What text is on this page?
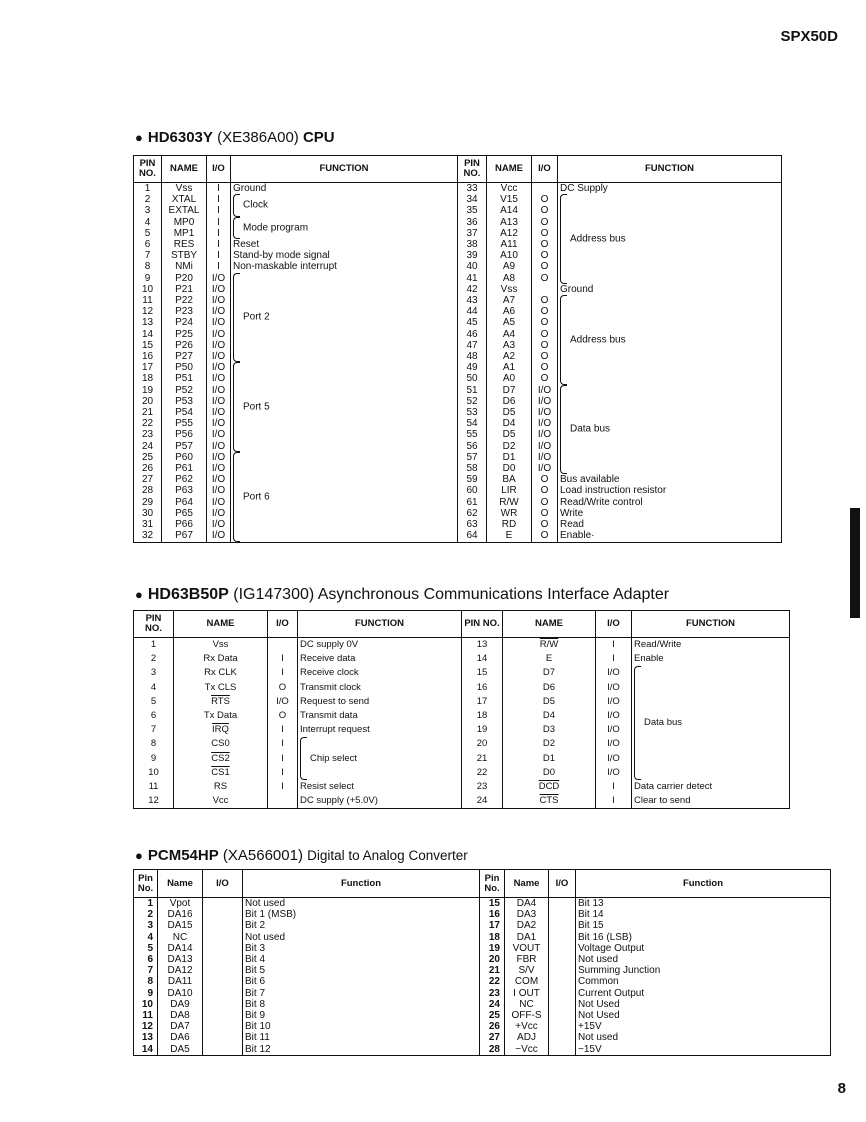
SPX50D
● HD6303Y (XE386A00) CPU
PIN NO.	NAME	I/O	FUNCTION	PIN NO.	NAME	I/O	FUNCTION
1	Vss	I	Ground	33	Vcc		DC Supply
2	XTAL	I	Clock	34	V15	O	Address bus

3	EXTAL	I		35	A14	O	
4	MP0	I	Mode program	36	A13	O	
5	MP1	I		37	A12	O	
6	$\overline{RES}$	I	Reset	38	A11	O	
7	STBY	I	Stand-by mode signal	39	A10	O	
8	NMi	I	Non-maskable interrupt	40	A9	O	
9	P20	I/O	Port 2	41	A8	O	
10	P21	I/O		42	Vss		Ground
11	P22	I/O		43	A7	O	Address bus

12	P23	I/O		44	A6	O	
13	P24	I/O		45	A5	O	
14	P25	I/O		46	A4	O	
15	P26	I/O		47	A3	O	
16	P27	I/O		48	A2	O	
17	P50	I/O	Port 5	49	A1	O	
18	P51	I/O		50	A0	O	
19	P52	I/O		51	D7	I/O	Data bus

20	P53	I/O		52	D6	I/O	
21	P54	I/O		53	D5	I/O	
22	P55	I/O		54	D4	I/O	
23	P56	I/O		55	D5	I/O	
24	P57	I/O		56	D2	I/O	
25	P60	I/O	Port 6	57	D1	I/O	
26	P61	I/O		58	D0	I/O	
27	P62	I/O		59	BA	O	Bus available
28	P63	I/O		60	$\overline{LIR}$	O	Load instruction resistor
29	P64	I/O		61	R/W	O	Read/Write control
30	P65	I/O		62	$\overline{WR}$	O	Write
31	P66	I/O		63	$\overline{RD}$	O	Read
32	P67	I/O		64	$\overline{E}$	O	Enable·
● HD63B50P (IG147300) Asynchronous Communications Interface Adapter
PIN NO.	NAME	I/O	FUNCTION	PIN NO.	NAME	I/O	FUNCTION
1	Vss		DC supply 0V	13	R/W	I	Read/Write
2	Rx Data	I	Receive data	14	E	I	Enable
3	Rx CLK	I	Receive clock	15	D7	I/O	Data bus

4	Tx CLS	O	Transmit clock	16	D6	I/O	
5	$\overline{RTS}$	I/O	Request to send	17	D5	I/O	
6	Tx Data	O	Transmit data	18	D4	I/O	
7	$\overline{IRQ}$	I	Interrupt request	19	D3	I/O	
8	CS0	I	Chip select	20	D2	I/O	
9	CS2	I		21	D1	I/O	
10	CS1	I		22	D0	I/O	
11	RS	I	Resist select	23	$\overline{DCD}$	I	Data carrier detect
12	Vcc		DC supply (+5.0V)	24	$\overline{CTS}$	I	Clear to send
● PCM54HP (XA566001) Digital to Analog Converter
Pin No.	Name	I/O	Function	Pin No.	Name	I/O	Function
1	Vpot		Not used	15	DA4		Bit 13
2	DA16		Bit 1 (MSB)	16	DA3		Bit 14
3	DA15		Bit 2	17	DA2		Bit 15
4	NC		Not used	18	DA1		Bit 16 (LSB)
5	DA14		Bit 3	19	VOUT		Voltage Output
6	DA13		Bit 4	20	FBR		Not used
7	DA12		Bit 5	21	S/V		Summing Junction
8	DA11		Bit 6	22	COM		Common
9	DA10		Bit 7	23	I OUT		Current Output
10	DA9		Bit 8	24	NC		Not Used
11	DA8		Bit 9	25	OFF-S		Not Used
12	DA7		Bit 10	26	+Vcc		+15V
13	DA6		Bit 11	27	ADJ		Not used
14	DA5		Bit 12	28	−Vcc		−15V
8
